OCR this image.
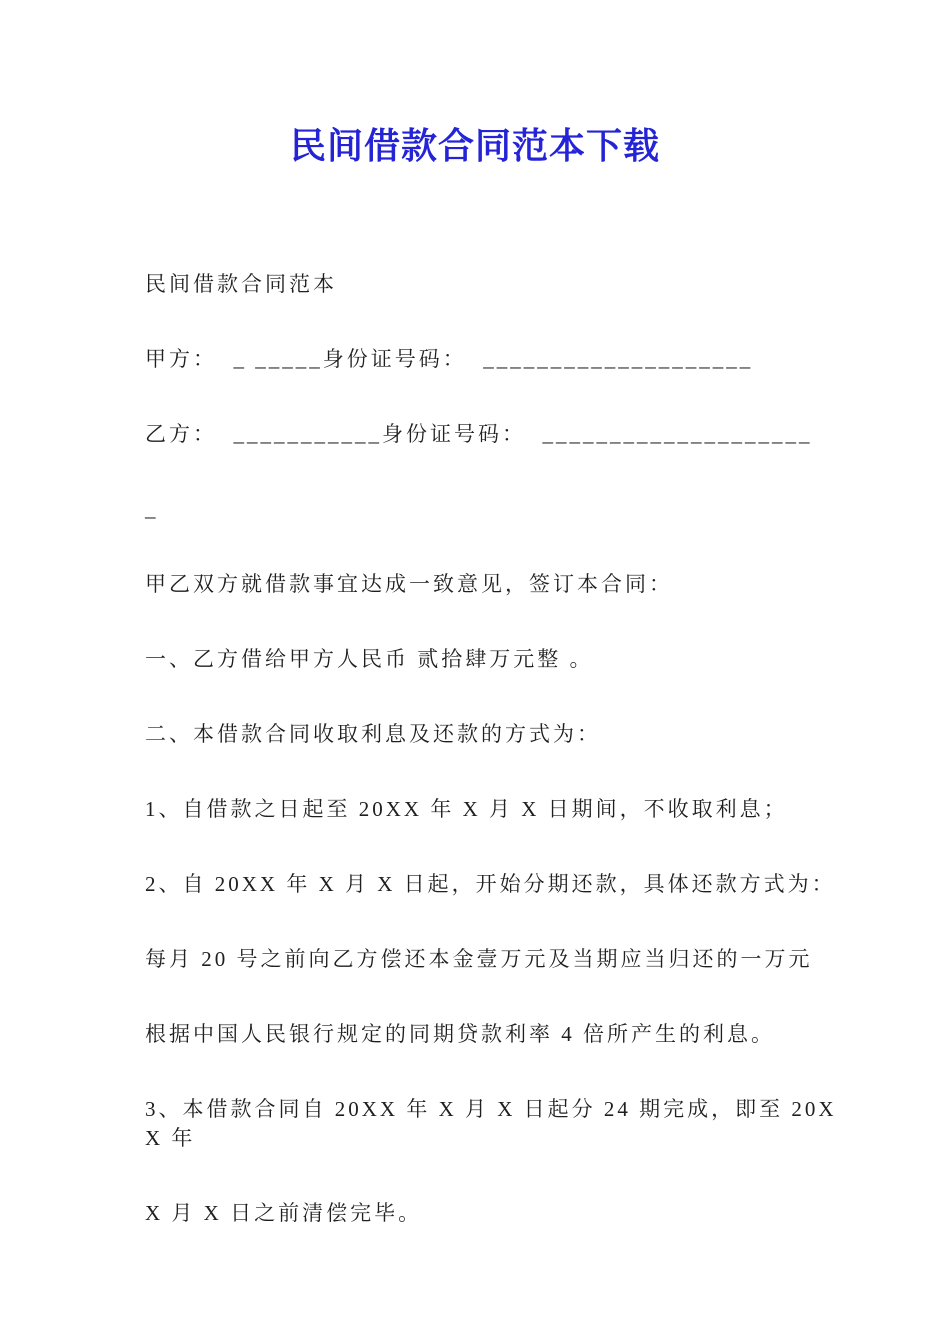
民间借款合同范本下载

民间借款合同范本

甲方：  _ _____身份证号码：  ____________________

乙方：  ___________身份证号码：  ____________________

_

甲乙双方就借款事宜达成一致意见，签订本合同：

一、乙方借给甲方人民币 贰拾肆万元整 。

二、本借款合同收取利息及还款的方式为：

1、自借款之日起至 20XX 年 X 月 X 日期间，不收取利息；

2、自 20XX 年 X 月 X 日起，开始分期还款，具体还款方式为：

每月 20 号之前向乙方偿还本金壹万元及当期应当归还的一万元

根据中国人民银行规定的同期贷款利率 4 倍所产生的利息。

3、本借款合同自 20XX 年 X 月 X 日起分 24 期完成，即至 20XX 年

X 月 X 日之前清偿完毕。
